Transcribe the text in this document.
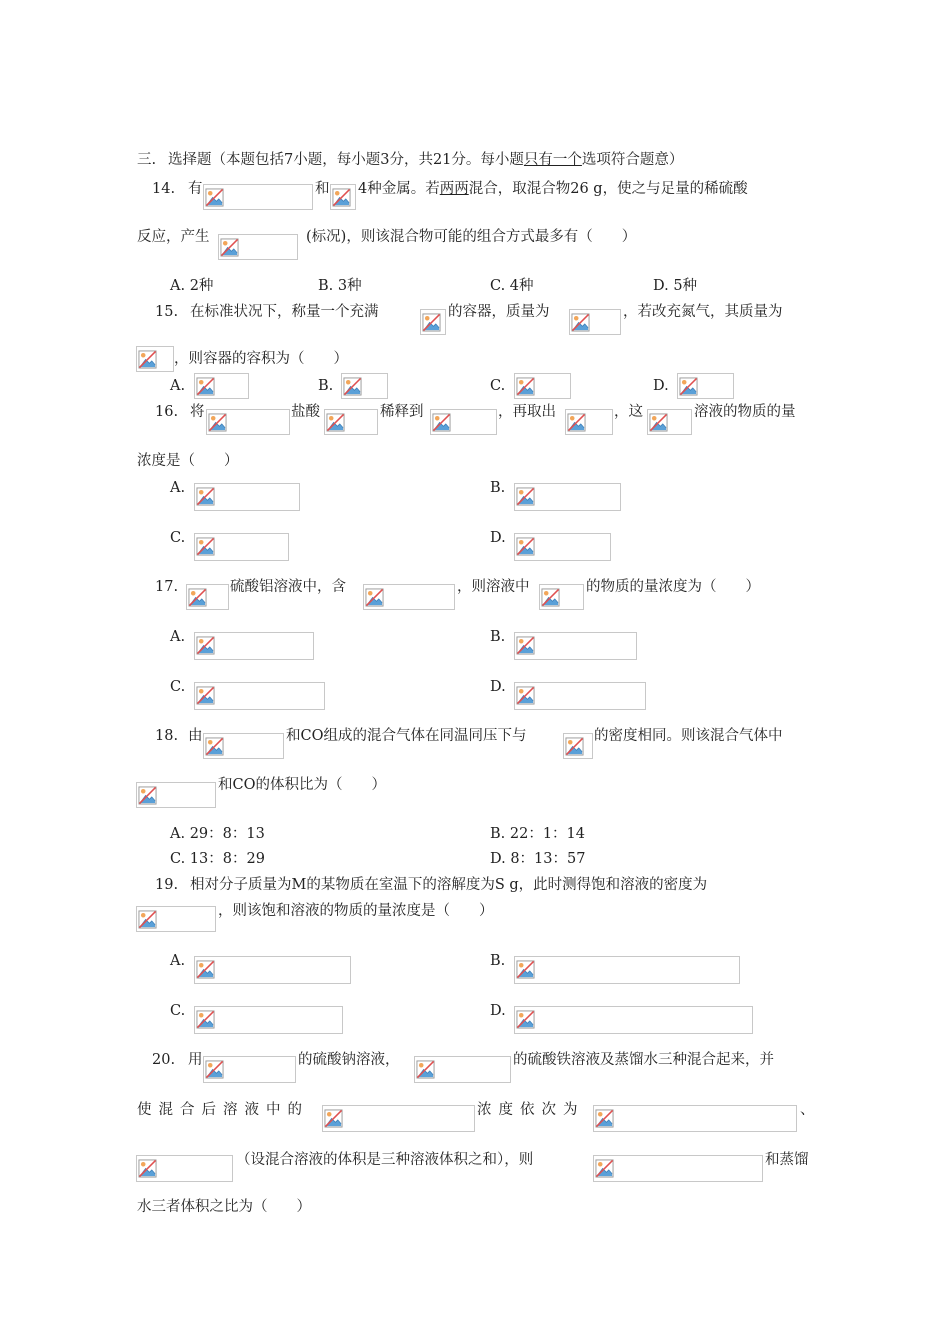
三. 选择题（本题包括7小题，每小题3分，共21分。每小题只有一个选项符合题意）
14. 有	和 4种金属。若两两混合，取混合物26 g，使之与足量的稀硫酸
反应，产生	(标况)，则该混合物可能的组合方式最多有（　　）
A. 2种	B. 3种	C. 4种	D. 5种
15. 在标准状况下，称量一个充满	的容器，质量为	，若改充氮气，其质量为
，则容器的容积为（　　）
A.	B.	C.	D.
16. 将	盐酸	稀释到	，再取出	，这	溶液的物质的量
浓度是（　　）
A.	B.
C.	D.
17.	硫酸铝溶液中，含	，则溶液中	的物质的量浓度为（　　）
A.	B.
C.	D.
18. 由	和CO组成的混合气体在同温同压下与	的密度相同。则该混合气体中
和CO的体积比为（　　）
A. 29：8：13	B. 22：1：14
C. 13：8：29	D. 8：13：57
19. 相对分子质量为M的某物质在室温下的溶解度为S g，此时测得饱和溶液的密度为
，则该饱和溶液的物质的量浓度是（　　）
A.	B.
C.	D.
20. 用	的硫酸钠溶液，	的硫酸铁溶液及蒸馏水三种混合起来，并
使混合后溶液中的	浓度依次为	、
（设混合溶液的体积是三种溶液体积之和），则	和蒸馏
水三者体积之比为（　　）
